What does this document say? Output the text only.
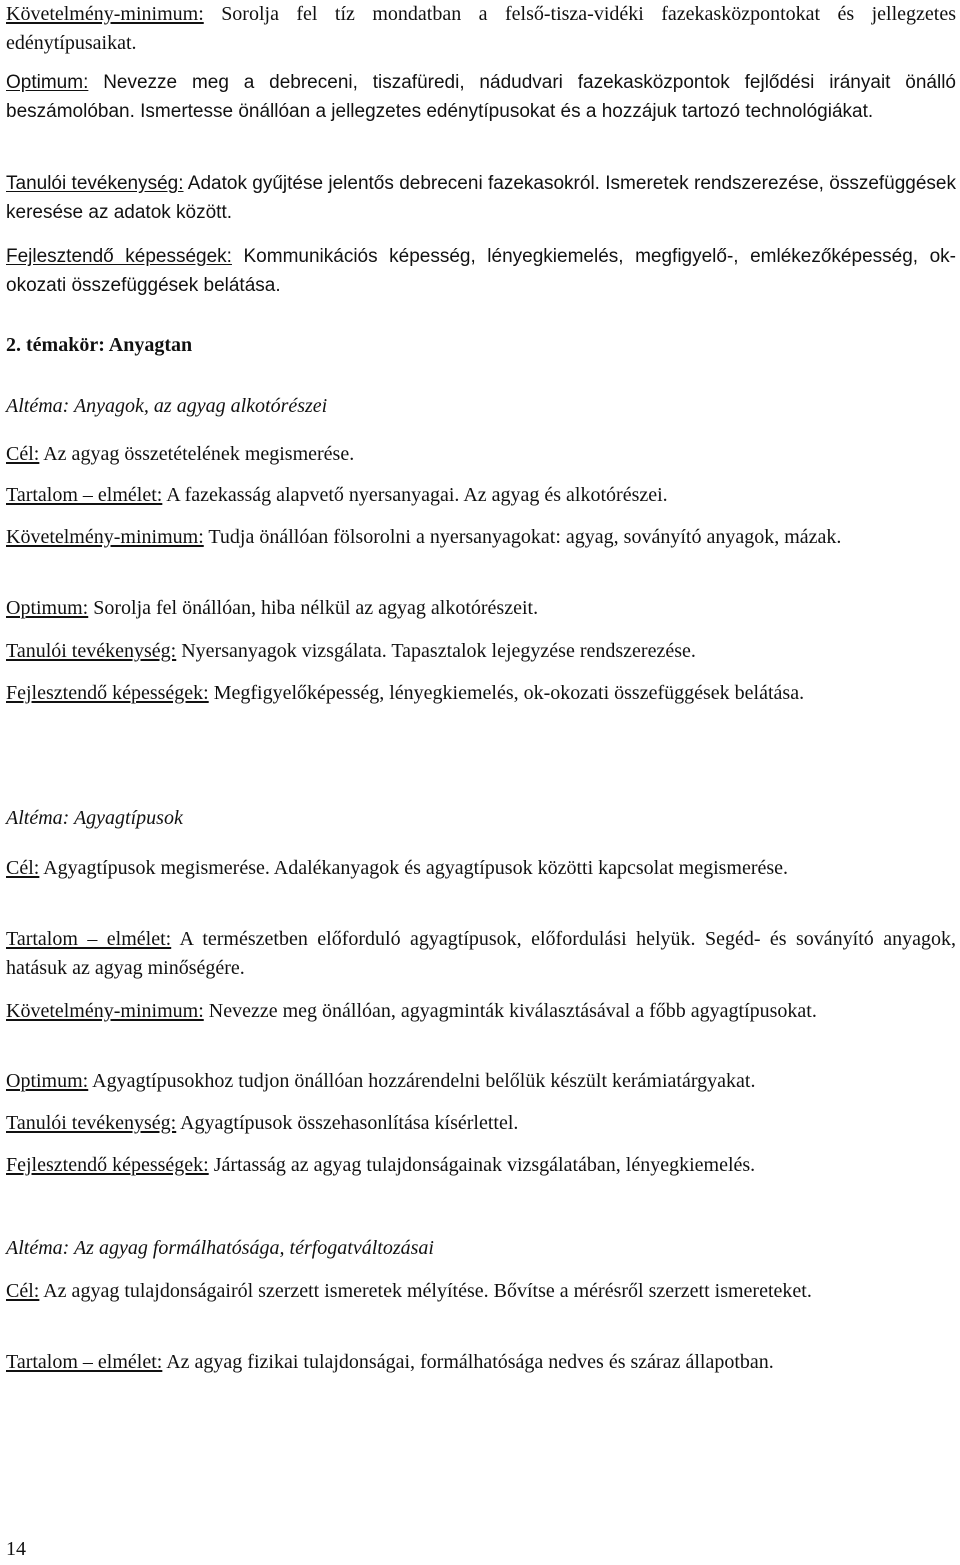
Követelmény-minimum: Sorolja fel tíz mondatban a felső-tisza-vidéki fazekasközpontokat és jellegzetes edénytípusaikat.

Optimum: Nevezze meg a debreceni, tiszafüredi, nádudvari fazekasközpontok fejlődési irányait önálló beszámolóban. Ismertesse önállóan a jellegzetes edénytípusokat és a hozzájuk tartozó technológiákat.

Tanulói tevékenység: Adatok gyűjtése jelentős debreceni fazekasokról. Ismeretek rendszerezése, összefüggések keresése az adatok között.

Fejlesztendő képességek: Kommunikációs képesség, lényegkiemelés, megfigyelő-, emlékezőképesség, ok-okozati összefüggések belátása.

2. témakör: Anyagtan

Altéma: Anyagok, az agyag alkotórészei

Cél: Az agyag összetételének megismerése.

Tartalom – elmélet: A fazekasság alapvető nyersanyagai. Az agyag és alkotórészei.

Követelmény-minimum: Tudja önállóan fölsorolni a nyersanyagokat: agyag, soványító anyagok, mázak.

Optimum: Sorolja fel önállóan, hiba nélkül az agyag alkotórészeit.

Tanulói tevékenység: Nyersanyagok vizsgálata. Tapasztalok lejegyzése rendszerezése.

Fejlesztendő képességek: Megfigyelőképesség, lényegkiemelés, ok-okozati összefüggések belátása.

Altéma: Agyagtípusok

Cél: Agyagtípusok megismerése. Adalékanyagok és agyagtípusok közötti kapcsolat megismerése.

Tartalom – elmélet: A természetben előforduló agyagtípusok, előfordulási helyük. Segéd- és soványító anyagok, hatásuk az agyag minőségére.

Követelmény-minimum: Nevezze meg önállóan, agyagminták kiválasztásával a főbb agyagtípusokat.

Optimum: Agyagtípusokhoz tudjon önállóan hozzárendelni belőlük készült kerámiatárgyakat.

Tanulói tevékenység: Agyagtípusok összehasonlítása kísérlettel.

Fejlesztendő képességek: Jártasság az agyag tulajdonságainak vizsgálatában, lényegkiemelés.

Altéma: Az agyag formálhatósága, térfogatváltozásai

Cél: Az agyag tulajdonságairól szerzett ismeretek mélyítése. Bővítse a mérésről szerzett ismereteket.

Tartalom – elmélet: Az agyag fizikai tulajdonságai, formálhatósága nedves és száraz állapotban.

14
